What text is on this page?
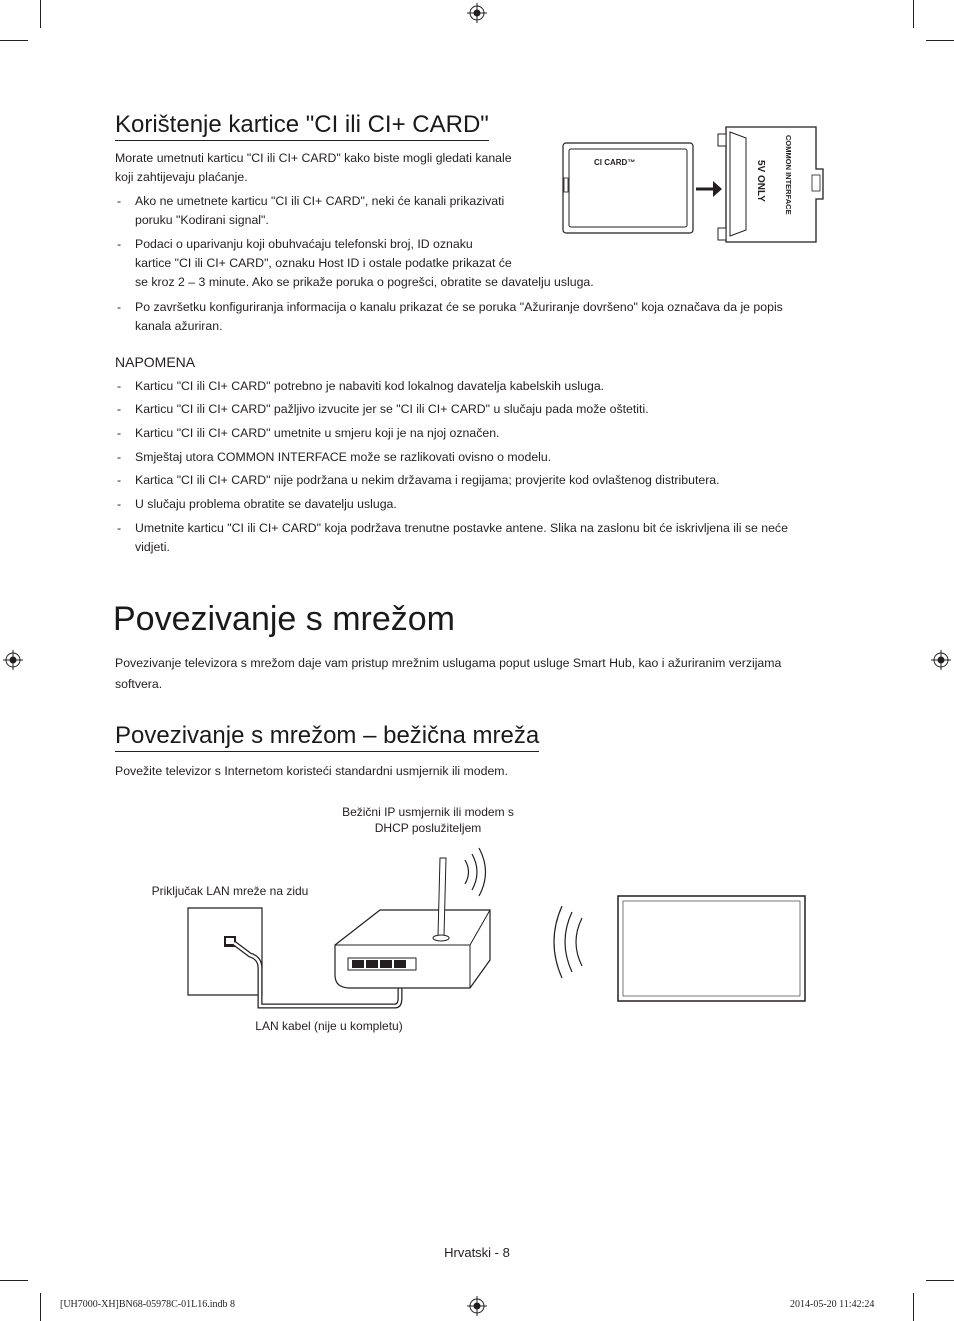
Korištenje kartice "CI ili CI+ CARD"
Morate umetnuti karticu "CI ili CI+ CARD" kako biste mogli gledati kanale
koji zahtijevaju plaćanje.
- Ako ne umetnete karticu "CI ili CI+ CARD", neki će kanali prikazivati
poruku "Kodirani signal".
- Podaci o uparivanju koji obuhvaćaju telefonski broj, ID oznaku
kartice "CI ili CI+ CARD", oznaku Host ID i ostale podatke prikazat će
se kroz 2 – 3 minute. Ako se prikaže poruka o pogrešci, obratite se davatelju usluga.
- Po završetku konfiguriranja informacija o kanalu prikazat će se poruka "Ažuriranje dovršeno" koja označava da je popis
kanala ažuriran.
CI CARD™	COMMON INTERFACE
5V ONLY
NAPOMENA
- Karticu "CI ili CI+ CARD" potrebno je nabaviti kod lokalnog davatelja kabelskih usluga.
- Karticu "CI ili CI+ CARD" pažljivo izvucite jer se "CI ili CI+ CARD" u slučaju pada može oštetiti.
- Karticu "CI ili CI+ CARD" umetnite u smjeru koji je na njoj označen.
- Smještaj utora COMMON INTERFACE može se razlikovati ovisno o modelu.
- Kartica "CI ili CI+ CARD" nije podržana u nekim državama i regijama; provjerite kod ovlaštenog distributera.
- U slučaju problema obratite se davatelju usluga.
- Umetnite karticu "CI ili CI+ CARD" koja podržava trenutne postavke antene. Slika na zaslonu bit će iskrivljena ili se neće
vidjeti.
Povezivanje s mrežom
Povezivanje televizora s mrežom daje vam pristup mrežnim uslugama poput usluge Smart Hub, kao i ažuriranim verzijama
softvera.
Povezivanje s mrežom – bežična mreža
Povežite televizor s Internetom koristeći standardni usmjernik ili modem.
Bežični IP usmjernik ili modem s
DHCP poslužiteljem
Priključak LAN mreže na zidu
LAN kabel (nije u kompletu)
Hrvatski - 8
[UH7000-XH]BN68-05978C-01L16.indb 8	2014-05-20 11:42:24
